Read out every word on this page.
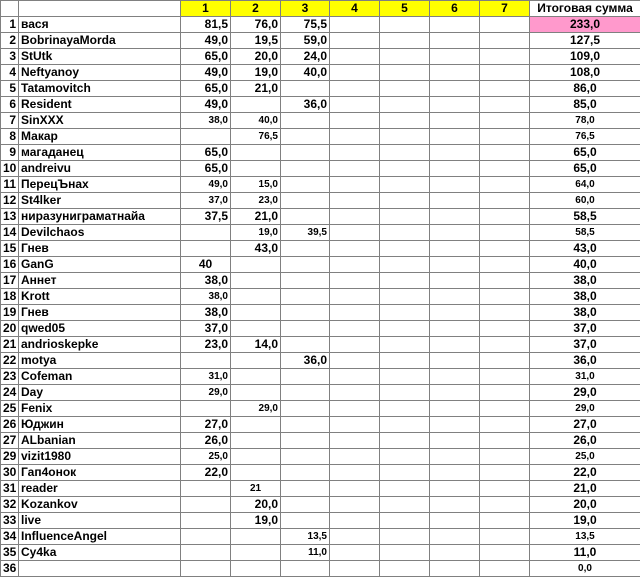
		1	2	3	4	5	6	7	Итоговая сумма
1	вася	81,5	76,0	75,5					233,0
2	BobrinayaMorda	49,0	19,5	59,0					127,5
3	StUtk	65,0	20,0	24,0					109,0
4	Neftyanoy	49,0	19,0	40,0					108,0
5	Tatamovitch	65,0	21,0						86,0
6	Resident	49,0		36,0					85,0
7	SinXXX	38,0	40,0						78,0
8	Макар		76,5						76,5
9	магаданец	65,0							65,0
10	andreivu	65,0							65,0
11	ПерецЪнах	49,0	15,0						64,0
12	St4lker	37,0	23,0						60,0
13	ниразуниграматнайа	37,5	21,0						58,5
14	Devilchaos		19,0	39,5					58,5
15	Гнев		43,0						43,0
16	GanG	40							40,0
17	Аннет	38,0							38,0
18	Krott	38,0							38,0
19	Гнев	38,0							38,0
20	qwed05	37,0							37,0
21	andrioskepke	23,0	14,0						37,0
22	motya			36,0					36,0
23	Cofeman	31,0							31,0
24	Day	29,0							29,0
25	Fenix		29,0						29,0
26	Юджин	27,0							27,0
27	ALbanian	26,0							26,0
29	vizit1980	25,0							25,0
30	Гап4онок	22,0							22,0
31	reader		21						21,0
32	Kozankov		20,0						20,0
33	live		19,0						19,0
34	InfluenceAngel			13,5					13,5
35	Cy4ka			11,0					11,0
36									0,0
